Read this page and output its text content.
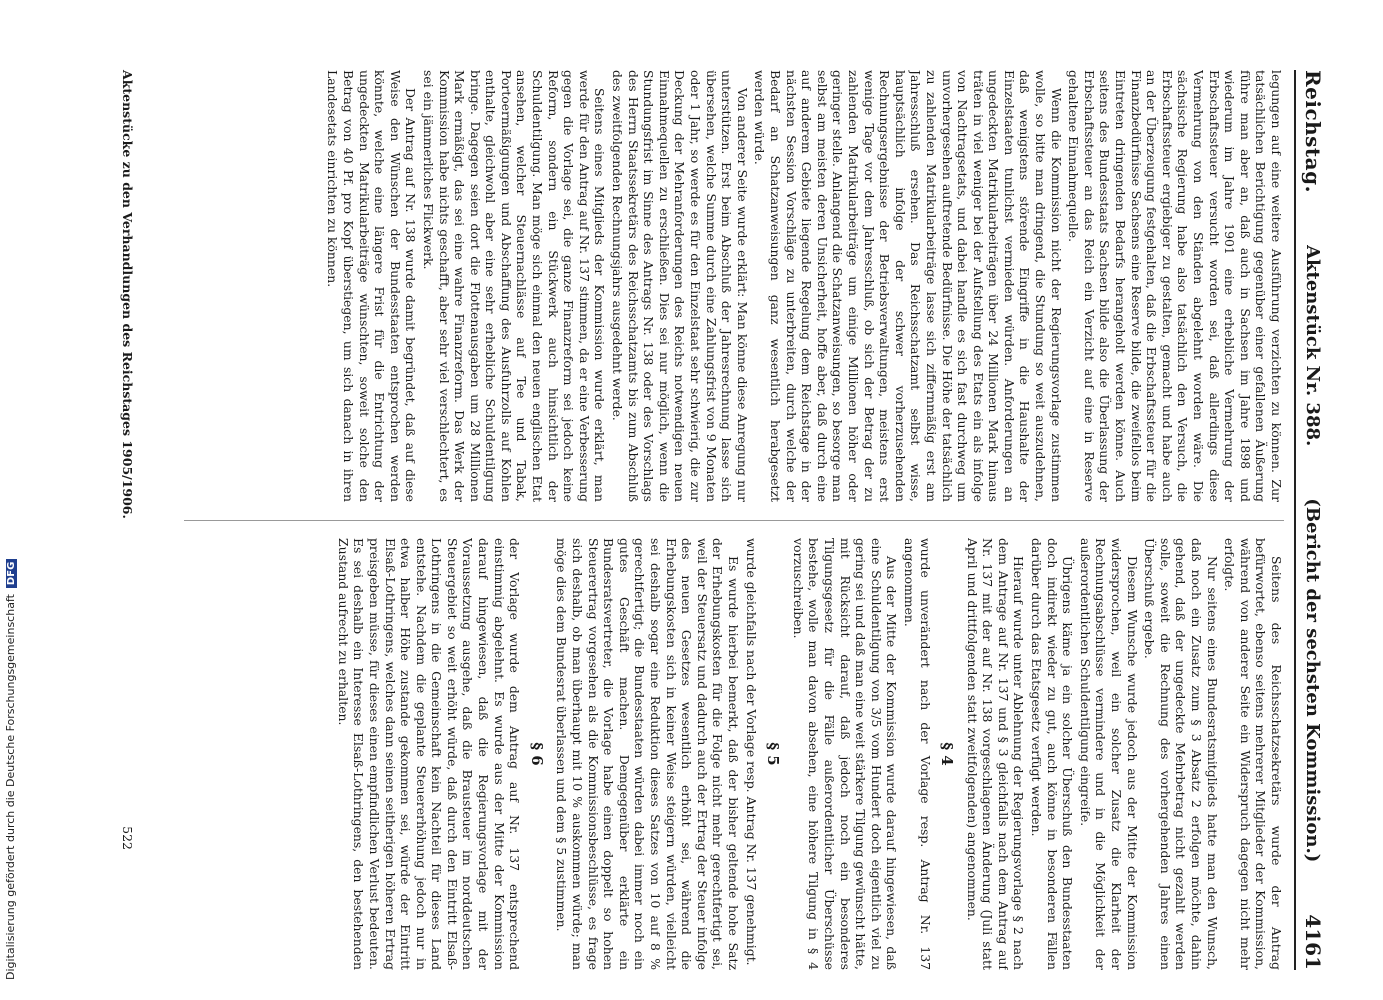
Digitalisierung gefördert durch die Deutsche ForschungsgemeinschaftDFG
Reichstag.
Aktenstück Nr. 388.
(Bericht der sechsten Kommission.)
4161

legungen auf eine weitere Ausführung verzichten zu können. Zur tatsächlichen Berichtigung gegenüber einer gefallenen Äußerung führe man aber an, daß auch in Sachsen im Jahre 1898 und wiederum im Jahre 1901 eine erhebliche Vermehrung der Erbschaftssteuer versucht worden sei, daß allerdings diese Vermehrung von den Ständen abgelehnt worden wäre. Die sächsische Regierung habe also tatsächlich den Versuch, die Erbschaftssteuer ergiebiger zu gestalten, gemacht und habe auch an der Überzeugung festgehalten, daß die Erbschaftssteuer für die Finanzbedürfnisse Sachsens eine Reserve bilde, die zweifellos beim Eintreten dringenden Bedarfs herangeholt werden könne. Auch seitens des Bundesstaats Sachsen bilde also die Überlassung der Erbschaftssteuer an das Reich ein Verzicht auf eine in Reserve gehaltene Einnahmequelle.

Wenn die Kommission nicht der Regierungsvorlage zustimmen wolle, so bitte man dringend, die Stundung so weit auszudehnen, daß wenigstens störende Eingriffe in die Haushalte der Einzelstaaten tunlichst vermieden würden. Anforderungen an ungedeckten Matrikularbeiträgen über 24 Millionen Mark hinaus träten in viel weniger bei der Aufstellung des Etats ein als infolge von Nachtragsetats, und dabei handle es sich fast durchweg um unvorhergesehen auftretende Bedürfnisse. Die Höhe der tatsächlich zu zahlenden Matrikularbeiträge lasse sich ziffernmäßig erst am Jahresschluß ersehen. Das Reichsschatzamt selbst wisse, hauptsächlich infolge der schwer vorherzusehenden Rechnungsergebnisse der Betriebsverwaltungen, meistens erst wenige Tage vor dem Jahresschluß, ob sich der Betrag der zu zahlenden Matrikularbeiträge um einige Millionen höher oder geringer stelle. Anlangend die Schatzanweisungen, so besorge man selbst am meisten deren Unsicherheit, hoffe aber, daß durch eine auf anderem Gebiete liegende Regelung dem Reichstage in der nächsten Session Vorschläge zu unterbreiten, durch welche der Bedarf an Schatzanweisungen ganz wesentlich herabgesetzt werden würde.

Von anderer Seite wurde erklärt: Man könne diese Anregung nur unterstützen. Erst beim Abschluß der Jahresrechnung lasse sich übersehen, welche Summe durch eine Zahlungsfrist von 9 Monaten oder 1 Jahr, so werde es für den Einzelstaat sehr schwierig, die zur Deckung der Mehranforderungen des Reichs notwendigen neuen Einnahmequellen zu erschließen. Dies sei nur möglich, wenn die Stundungsfrist im Sinne des Antrags Nr. 138 oder des Vorschlags des Herrn Staatssekretärs des Reichsschatzamts bis zum Abschluß des zweitfolgenden Rechnungsjahrs ausgedehnt werde.

Seitens eines Mitglieds der Kommission wurde erklärt, man werde für den Antrag auf Nr. 137 stimmen, da er eine Verbesserung gegen die Vorlage sei, die ganze Finanzreform sei jedoch keine Reform, sondern ein Stückwerk auch hinsichtlich der Schuldentilgung. Man möge sich einmal den neuen englischen Etat ansehen, welcher Steuernachlässe auf Tee und Tabak, Portoermäßigungen und Abschaffung des Ausfuhrzolls auf Kohlen enthalte, gleichwohl aber eine sehr erhebliche Schuldentilgung bringe. Dagegen seien dort die Flottenausgaben um 28 Millionen Mark ermäßigt, das sei eine wahre Finanzreform. Das Werk der Kommission habe nichts geschafft, aber sehr viel verschlechtert, es sei ein jämmerliches Flickwerk.

Der Antrag auf Nr. 138 wurde damit begründet, daß auf diese Weise den Wünschen der Bundesstaaten entsprochen werden könnte, welche eine längere Frist für die Entrichtung der ungedeckten Matrikularbeiträge wünschten, soweit solche den Betrag von 40 Pf. pro Kopf überstiegen, um sich danach in ihren Landesetats einrichten zu können.

Seitens des Reichsschatzsekretärs wurde der Antrag befürwortet, ebenso seitens mehrerer Mitglieder der Kommission, während von anderer Seite ein Widerspruch dagegen nicht mehr erfolgte.

Nur seitens eines Bundesratsmitglieds hatte man den Wunsch, daß noch ein Zusatz zum § 3 Absatz 2 erfolgen möchte, dahin gehend, daß der ungedeckte Mehrbetrag nicht gezahlt werden solle, soweit die Rechnung des vorhergehenden Jahres einen Überschuß ergebe.

Diesem Wunsche wurde jedoch aus der Mitte der Kommission widersprochen, weil ein solcher Zusatz die Klarheit der Rechnungsabschlüsse vermindere und in die Möglichkeit der außerordentlichen Schuldentilgung eingreife.

Übrigens käme ja ein solcher Überschuß den Bundesstaaten doch indirekt wieder zu gut, auch könne in besonderen Fällen darüber durch das Etatsgesetz verfügt werden.

Hierauf wurde unter Ablehnung der Regierungsvorlage § 2 nach dem Antrage auf Nr. 137 und § 3 gleichfalls nach dem Antrag auf Nr. 137 mit der auf Nr. 138 vorgeschlagenen Änderung (Juli statt April und drittfolgenden statt zweitfolgenden) angenommen.

§ 4

wurde unverändert nach der Vorlage resp. Antrag Nr. 137 angenommen.

Aus der Mitte der Kommission wurde darauf hingewiesen, daß eine Schuldentilgung von 3/5 vom Hundert doch eigentlich viel zu gering sei und daß man eine weit stärkere Tilgung gewünscht hätte, mit Rücksicht darauf, daß jedoch noch ein besonderes Tilgungsgesetz für die Fälle außerordentlicher Überschüsse bestehe, wolle man davon absehen, eine höhere Tilgung in § 4 vorzuschreiben.

§ 5

wurde gleichfalls nach der Vorlage resp. Antrag Nr. 137 genehmigt.

Es wurde hierbei bemerkt, daß der bisher geltende hohe Satz der Erhebungskosten für die Folge nicht mehr gerechtfertigt sei, weil der Steuersatz und dadurch auch der Ertrag der Steuer infolge des neuen Gesetzes wesentlich erhöht sei, während die Erhebungskosten sich in keiner Weise steigern würden, vielleicht sei deshalb sogar eine Reduktion dieses Satzes von 10 auf 8 % gerechtfertigt; die Bundesstaaten würden dabei immer noch ein gutes Geschäft machen. Demgegenüber erklärte ein Bundesratsvertreter, die Vorlage habe einen doppelt so hohen Steuerertrag vorgesehen als die Kommissionsbeschlüsse, es frage sich deshalb, ob man überhaupt mit 10 % auskommen würde; man möge dies dem Bundesrat überlassen und dem § 5 zustimmen.

§ 6

der Vorlage wurde dem Antrag auf Nr. 137 entsprechend einstimmig abgelehnt. Es wurde aus der Mitte der Kommission darauf hingewiesen, daß die Regierungsvorlage mit der Voraussetzung ausgehe, daß die Brausteuer im norddeutschen Steuergebiet so weit erhöht würde, daß durch den Eintritt Elsaß-Lothringens in die Gemeinschaft kein Nachteil für dieses Land entstehe. Nachdem die geplante Steuererhöhung jedoch nur in etwa halber Höhe zustande gekommen sei, würde der Eintritt Elsaß-Lothringens, welches dann seinen seitherigen höheren Ertrag preisgeben müsse, für dieses einen empfindlichen Verlust bedeuten. Es sei deshalb ein Interesse Elsaß-Lothringens, den bestehenden Zustand aufrecht zu erhalten.

Aktenstücke zu den Verhandlungen des Reichstages 1905/1906.
522
